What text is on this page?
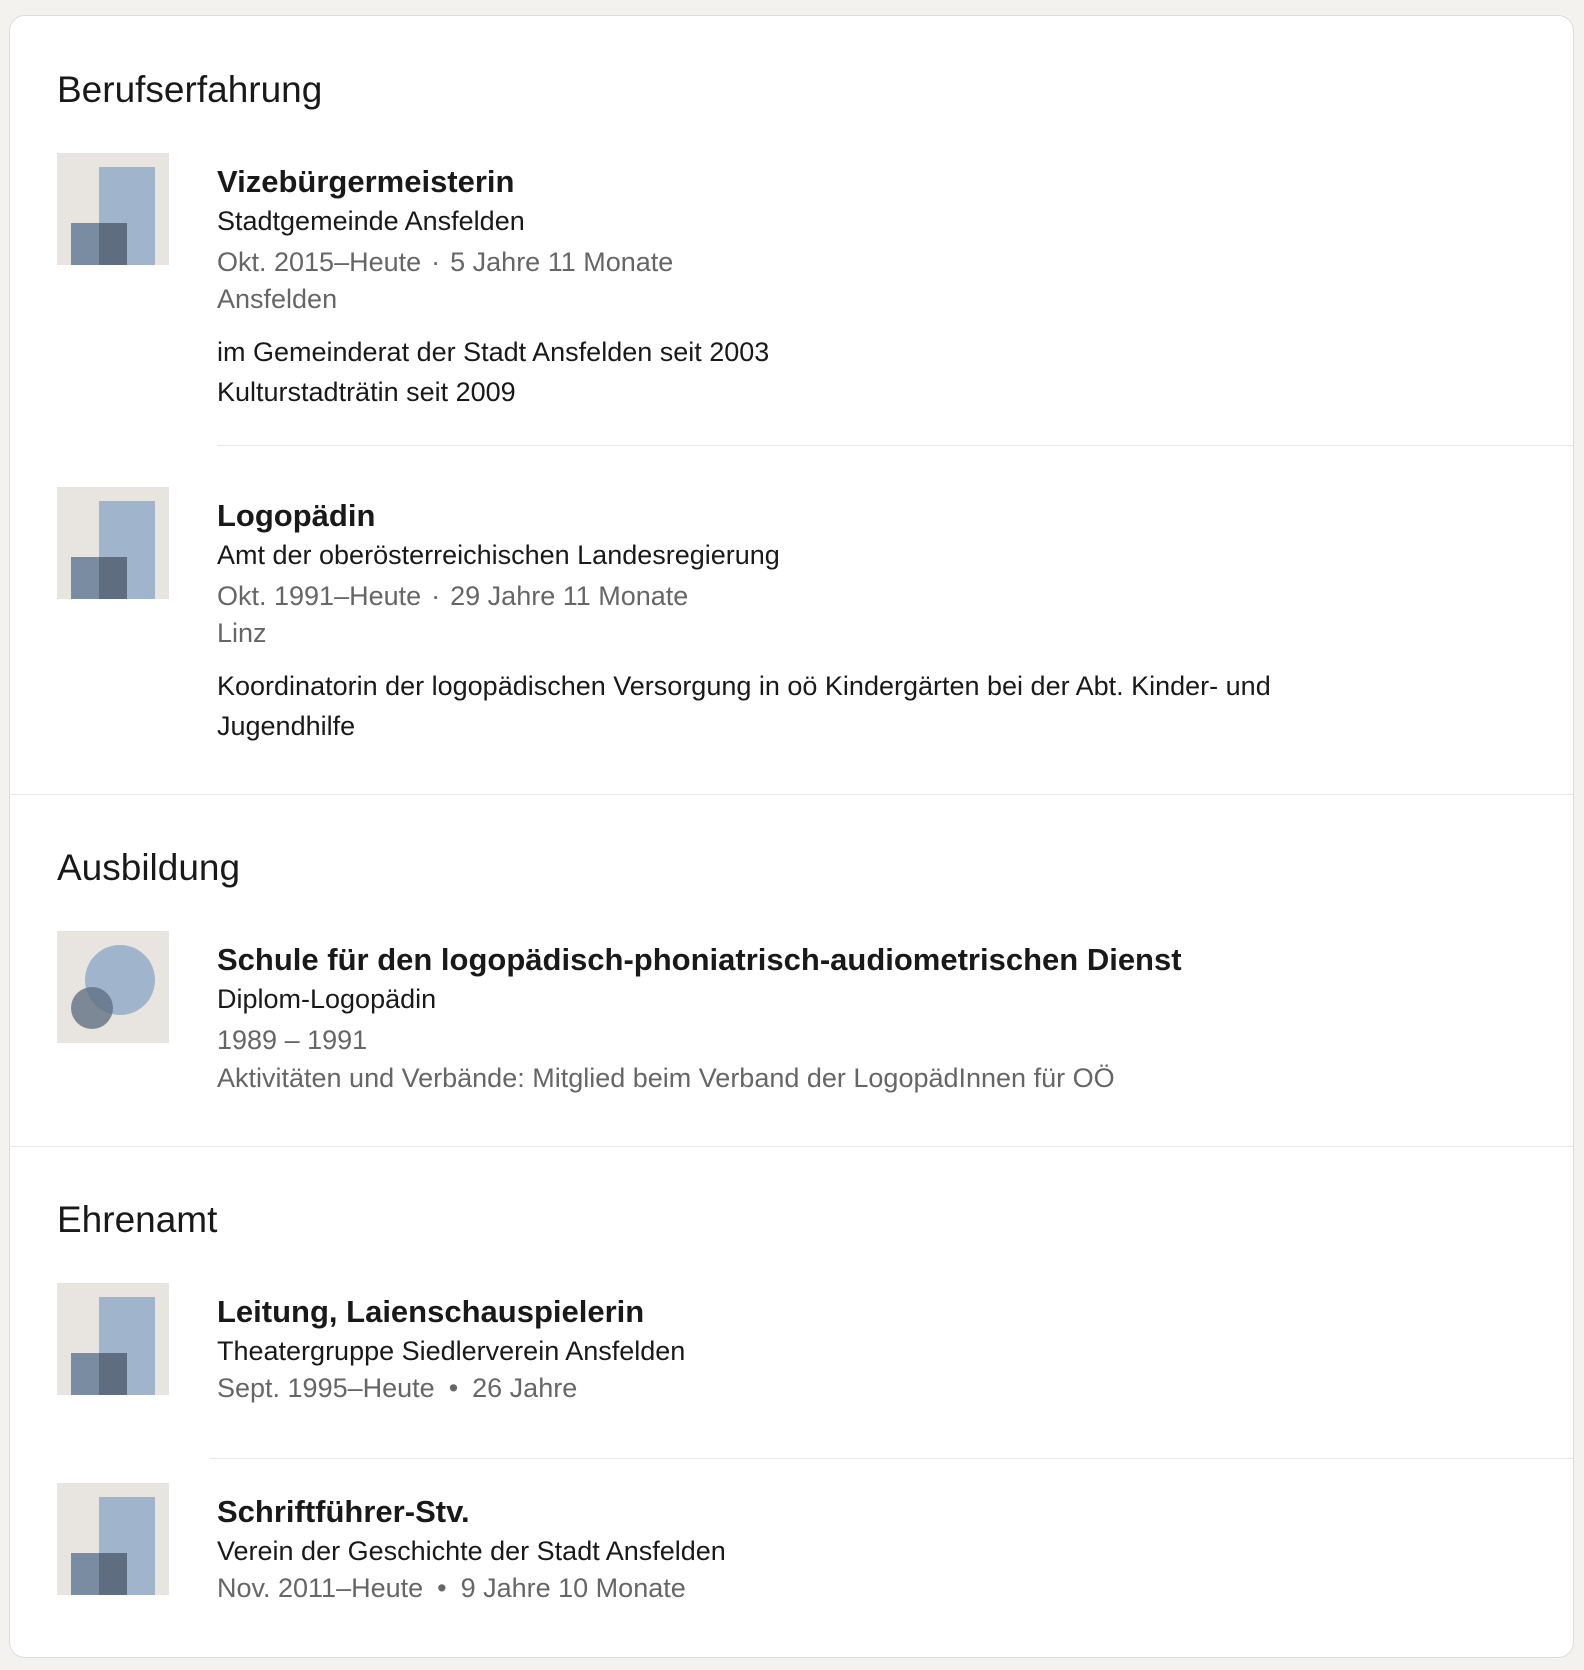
Berufserfahrung
Vizebürgermeisterin
Stadtgemeinde Ansfelden
Okt. 2015–Heute · 5 Jahre 11 Monate
Ansfelden
im Gemeinderat der Stadt Ansfelden seit 2003
Kulturstadträtin seit 2009
Logopädin
Amt der oberösterreichischen Landesregierung
Okt. 1991–Heute · 29 Jahre 11 Monate
Linz
Koordinatorin der logopädischen Versorgung in oö Kindergärten bei der Abt. Kinder- und
Jugendhilfe
Ausbildung
Schule für den logopädisch-phoniatrisch-audiometrischen Dienst
Diplom-Logopädin
1989 – 1991
Aktivitäten und Verbände: Mitglied beim Verband der LogopädInnen für OÖ
Ehrenamt
Leitung, Laienschauspielerin
Theatergruppe Siedlerverein Ansfelden
Sept. 1995–Heute • 26 Jahre
Schriftführer-Stv.
Verein der Geschichte der Stadt Ansfelden
Nov. 2011–Heute • 9 Jahre 10 Monate
